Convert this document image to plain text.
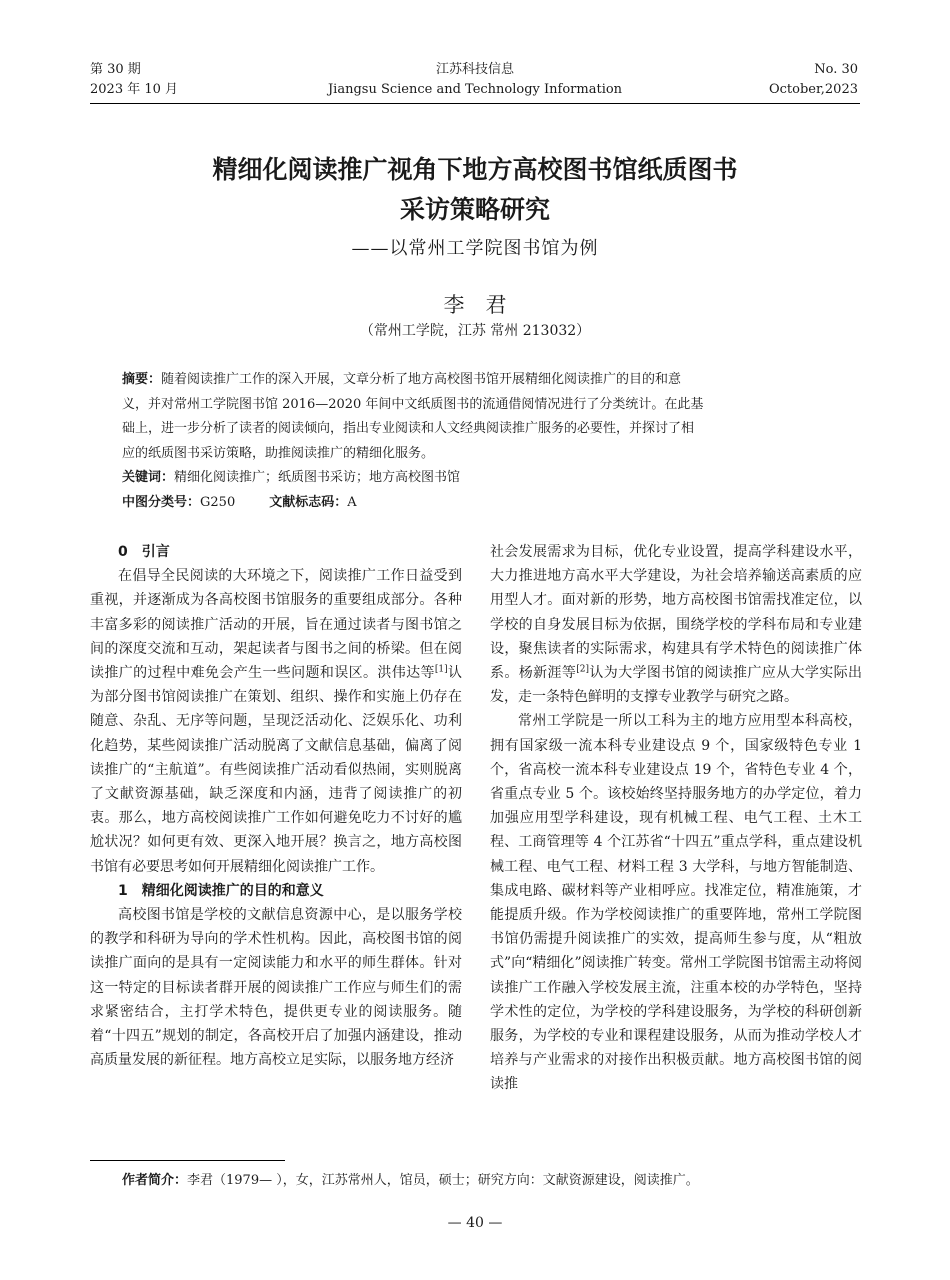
第 30 期
2023 年 10 月
江苏科技信息
Jiangsu Science and Technology Information
No. 30
October,2023
精细化阅读推广视角下地方高校图书馆纸质图书
采访策略研究
——以常州工学院图书馆为例
李　君
（常州工学院，江苏 常州 213032）

摘要：随着阅读推广工作的深入开展，文章分析了地方高校图书馆开展精细化阅读推广的目的和意

义，并对常州工学院图书馆 2016—2020 年间中文纸质图书的流通借阅情况进行了分类统计。在此基

础上，进一步分析了读者的阅读倾向，指出专业阅读和人文经典阅读推广服务的必要性，并探讨了相

应的纸质图书采访策略，助推阅读推广的精细化服务。

关键词：精细化阅读推广；纸质图书采访；地方高校图书馆

中图分类号：G250	文献标志码：A

0　引言

在倡导全民阅读的大环境之下，阅读推广工作日益受到重视，并逐渐成为各高校图书馆服务的重要组成部分。各种丰富多彩的阅读推广活动的开展，旨在通过读者与图书馆之间的深度交流和互动，架起读者与图书之间的桥梁。但在阅读推广的过程中难免会产生一些问题和误区。洪伟达等[1]认为部分图书馆阅读推广在策划、组织、操作和实施上仍存在随意、杂乱、无序等问题，呈现泛活动化、泛娱乐化、功利化趋势，某些阅读推广活动脱离了文献信息基础，偏离了阅读推广的“主航道”。有些阅读推广活动看似热闹，实则脱离了文献资源基础，缺乏深度和内涵，违背了阅读推广的初衷。那么，地方高校阅读推广工作如何避免吃力不讨好的尴尬状况？如何更有效、更深入地开展？换言之，地方高校图书馆有必要思考如何开展精细化阅读推广工作。

1　精细化阅读推广的目的和意义

高校图书馆是学校的文献信息资源中心，是以服务学校的教学和科研为导向的学术性机构。因此，高校图书馆的阅读推广面向的是具有一定阅读能力和水平的师生群体。针对这一特定的目标读者群开展的阅读推广工作应与师生们的需求紧密结合，主打学术特色，提供更专业的阅读服务。随着“十四五”规划的制定，各高校开启了加强内涵建设，推动高质量发展的新征程。地方高校立足实际，以服务地方经济

社会发展需求为目标，优化专业设置，提高学科建设水平，大力推进地方高水平大学建设，为社会培养输送高素质的应用型人才。面对新的形势，地方高校图书馆需找准定位，以学校的自身发展目标为依据，围绕学校的学科布局和专业建设，聚焦读者的实际需求，构建具有学术特色的阅读推广体系。杨新涯等[2]认为大学图书馆的阅读推广应从大学实际出发，走一条特色鲜明的支撑专业教学与研究之路。

常州工学院是一所以工科为主的地方应用型本科高校，拥有国家级一流本科专业建设点 9 个，国家级特色专业 1 个，省高校一流本科专业建设点 19 个，省特色专业 4 个，省重点专业 5 个。该校始终坚持服务地方的办学定位，着力加强应用型学科建设，现有机械工程、电气工程、土木工程、工商管理等 4 个江苏省“十四五”重点学科，重点建设机械工程、电气工程、材料工程 3 大学科，与地方智能制造、集成电路、碳材料等产业相呼应。找准定位，精准施策，才能提质升级。作为学校阅读推广的重要阵地，常州工学院图书馆仍需提升阅读推广的实效，提高师生参与度，从“粗放式”向“精细化”阅读推广转变。常州工学院图书馆需主动将阅读推广工作融入学校发展主流，注重本校的办学特色，坚持学术性的定位，为学校的学科建设服务，为学校的科研创新服务，为学校的专业和课程建设服务，从而为推动学校人才培养与产业需求的对接作出积极贡献。地方高校图书馆的阅读推

作者简介：李君（1979— ），女，江苏常州人，馆员，硕士；研究方向：文献资源建设，阅读推广。
— 40 —
